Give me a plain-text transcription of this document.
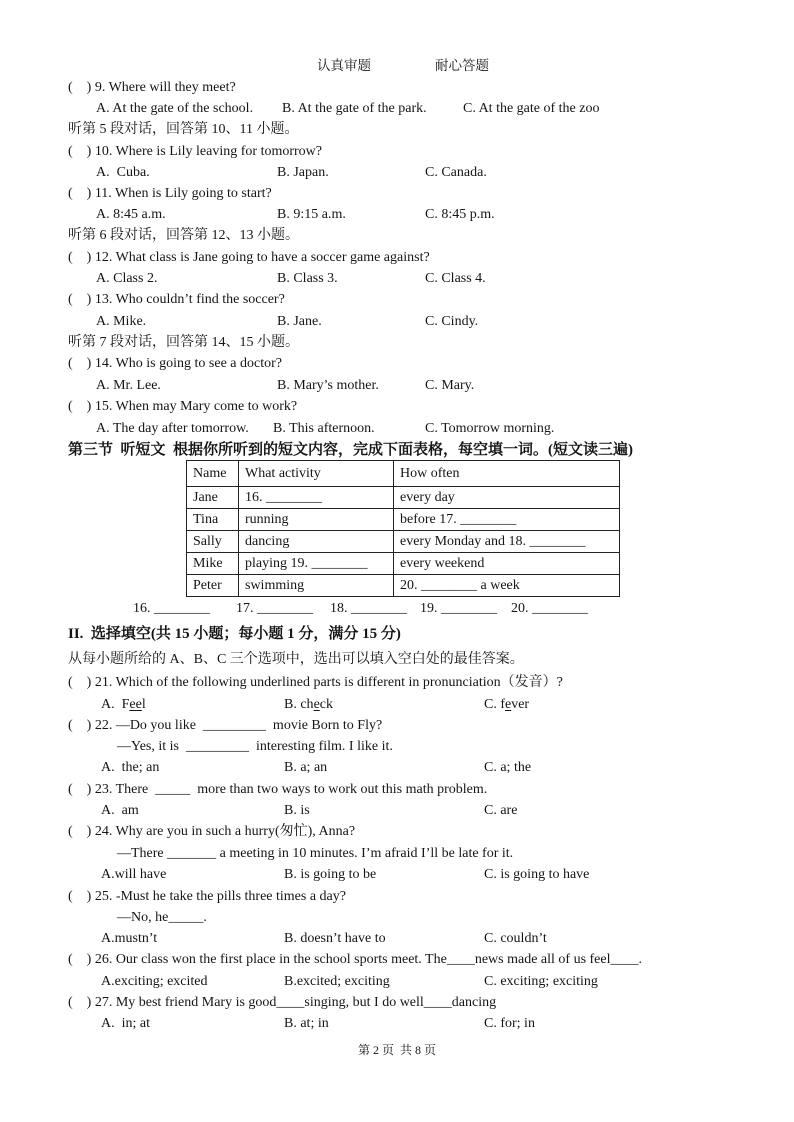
认真审题	耐心答题
(    ) 9. Where will they meet?
A. At the gate of the school. B. At the gate of the park.	C. At the gate of the zoo
听第 5 段对话，回答第 10、11 小题。
(    ) 10. Where is Lily leaving for tomorrow?
A.  Cuba.	B. Japan.	C. Canada.
(    ) 11. When is Lily going to start?
A. 8:45 a.m.	B. 9:15 a.m.	C. 8:45 p.m.
听第 6 段对话，回答第 12、13 小题。
(    ) 12. What class is Jane going to have a soccer game against?
A. Class 2.	B. Class 3.	C. Class 4.
(    ) 13. Who couldn’t find the soccer?
A. Mike.	B. Jane.	C. Cindy.
听第 7 段对话，回答第 14、15 小题。
(    ) 14. Who is going to see a doctor?
A. Mr. Lee.	B. Mary’s mother.	C. Mary.
(    ) 15. When may Mary come to work?
A. The day after tomorrow. B. This afternoon.	C. Tomorrow morning.
第三节  听短文  根据你所听到的短文内容，完成下面表格，每空填一词。(短文读三遍)
Name	What activity	How often
Jane	16. ________	every day
Tina	running	before 17. ________
Sally	dancing	every Monday and 18. ________
Mike	playing 19. ________	every weekend
Peter	swimming	20. ________ a week
16. ________ 17. ________ 18. ________ 19. ________ 20. ________
II.  选择填空(共 15 小题；每小题 1 分，满分 15 分)
从每小题所给的 A、B、C 三个选项中，选出可以填入空白处的最佳答案。
(    ) 21. Which of the following underlined parts is different in pronunciation（发音）?
A.  Feel	B. check	C. fever
(    ) 22. —Do you like  _________  movie Born to Fly?
—Yes, it is  _________  interesting film. I like it.
A.  the; an	B. a; an	C. a; the
(    ) 23. There  _____  more than two ways to work out this math problem.
A.  am	B. is	C. are
(    ) 24. Why are you in such a hurry(匆忙), Anna?
—There _______ a meeting in 10 minutes. I’m afraid I’ll be late for it.
A.will have	B. is going to be	C. is going to have
(    ) 25. -Must he take the pills three times a day?
—No, he_____.
A.mustn’t	B. doesn’t have to	C. couldn’t
(    ) 26. Our class won the first place in the school sports meet. The____news made all of us feel____.
A.exciting; excited	B.excited; exciting	C. exciting; exciting
(    ) 27. My best friend Mary is good____singing, but I do well____dancing
A.  in; at	B. at; in	C. for; in
第 2 页  共 8 页
